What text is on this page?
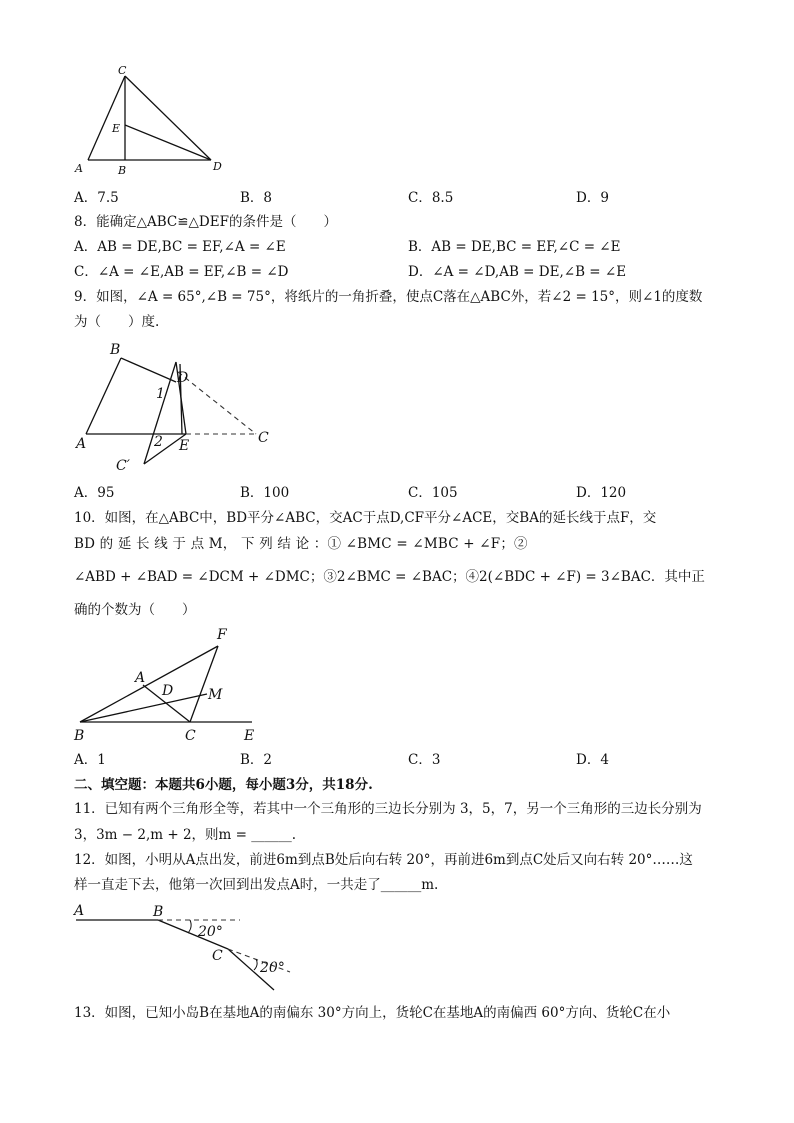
C
E
A	B	D
A．7.5	B．8	C．8.5	D．9
8．能确定△ABC≌△DEF的条件是（　　）
A．AB = DE,BC = EF,∠A = ∠E	B．AB = DE,BC = EF,∠C = ∠E
C．∠A = ∠E,AB = EF,∠B = ∠D	D．∠A = ∠D,AB = DE,∠B = ∠E
9．如图，∠A = 65°,∠B = 75°，将纸片的一角折叠，使点C落在△ABC外，若∠2 = 15°，则∠1的度数
为（　　）度.
B
D
1
A	2 E	C
C′
A．95	B．100	C．105	D．120
10．如图，在△ABC中，BD平分∠ABC，交AC于点D,CF平分∠ACE，交BA的延长线于点F，交
BD 的 延 长 线 于 点 M， 下 列 结 论 ：① ∠BMC = ∠MBC + ∠F；②
∠ABD + ∠BAD = ∠DCM + ∠DMC；③2∠BMC = ∠BAC；④2(∠BDC + ∠F) = 3∠BAC．其中正
确的个数为（　　）
F
A
D M
B	C	E
A．1	B．2	C．3	D．4
二、填空题：本题共6小题，每小题3分，共18分.
11．已知有两个三角形全等，若其中一个三角形的三边长分别为 3，5，7，另一个三角形的三边长分别为
3，3m − 2,m + 2，则m = ______.
12．如图，小明从A点出发，前进6m到点B处后向右转 20°，再前进6m到点C处后又向右转 20°……这
样一直走下去，他第一次回到出发点A时，一共走了______m.
A	B
C
20°
20°
13．如图，已知小岛B在基地A的南偏东 30°方向上，货轮C在基地A的南偏西 60°方向、货轮C在小
